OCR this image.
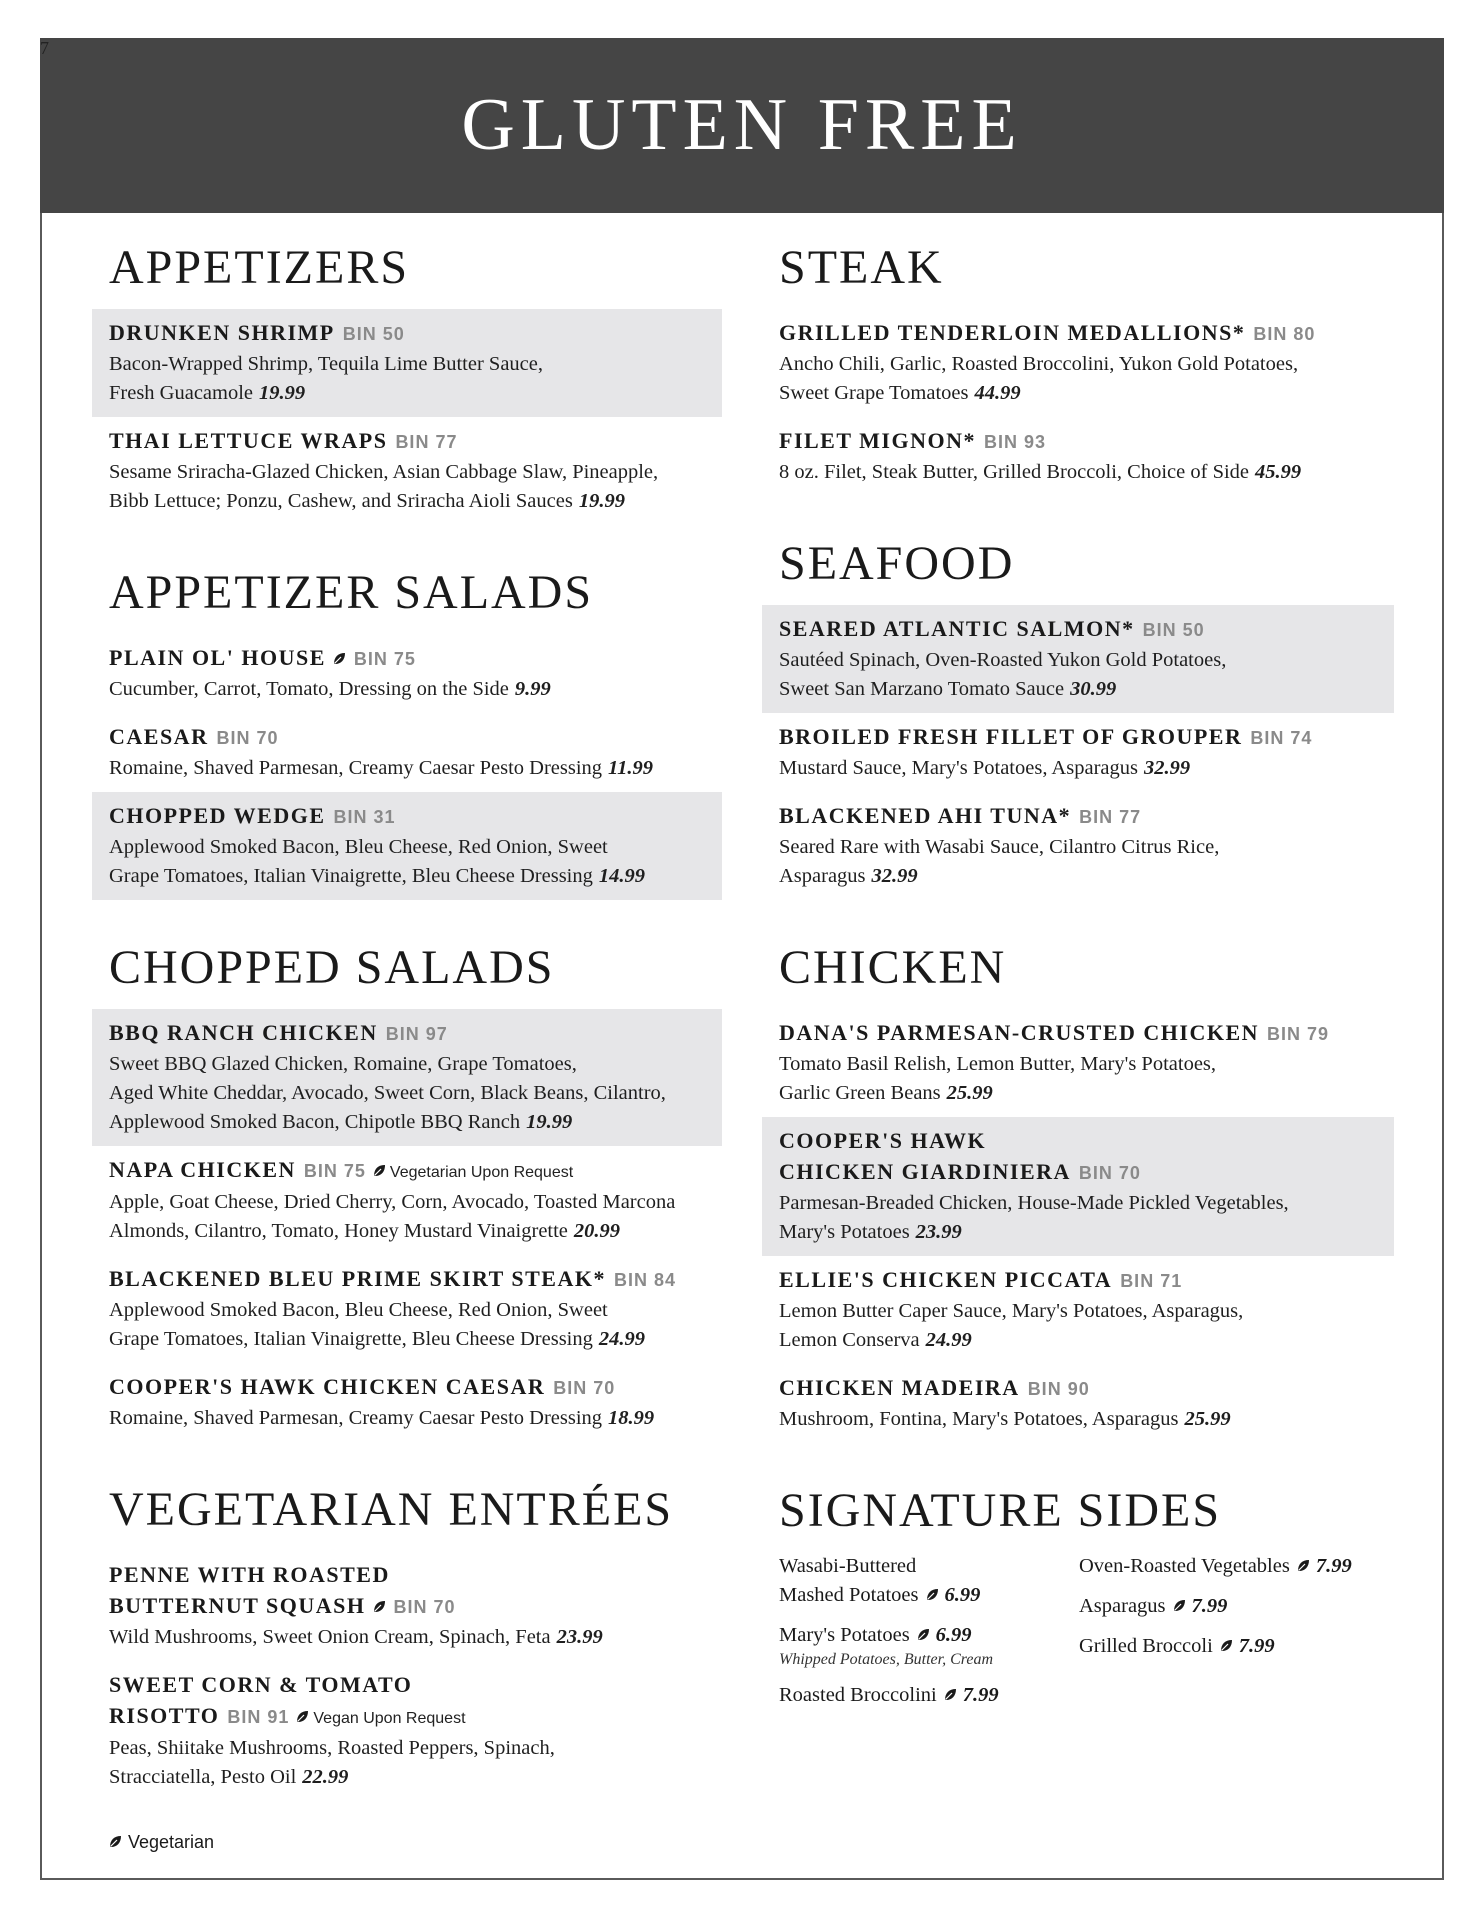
GLUTEN FREE
7
APPETIZERS
DRUNKEN SHRIMP BIN 50
Bacon-Wrapped Shrimp, Tequila Lime Butter Sauce,
Fresh Guacamole 19.99
THAI LETTUCE WRAPS BIN 77
Sesame Sriracha-Glazed Chicken, Asian Cabbage Slaw, Pineapple,
Bibb Lettuce; Ponzu, Cashew, and Sriracha Aioli Sauces 19.99
APPETIZER SALADS
PLAIN OL' HOUSE BIN 75
Cucumber, Carrot, Tomato, Dressing on the Side 9.99
CAESAR BIN 70
Romaine, Shaved Parmesan, Creamy Caesar Pesto Dressing 11.99
CHOPPED WEDGE BIN 31
Applewood Smoked Bacon, Bleu Cheese, Red Onion, Sweet
Grape Tomatoes, Italian Vinaigrette, Bleu Cheese Dressing 14.99
CHOPPED SALADS
BBQ RANCH CHICKEN BIN 97
Sweet BBQ Glazed Chicken, Romaine, Grape Tomatoes,
Aged White Cheddar, Avocado, Sweet Corn, Black Beans, Cilantro,
Applewood Smoked Bacon, Chipotle BBQ Ranch 19.99
NAPA CHICKEN BIN 75 Vegetarian Upon Request
Apple, Goat Cheese, Dried Cherry, Corn, Avocado, Toasted Marcona
Almonds, Cilantro, Tomato, Honey Mustard Vinaigrette 20.99
BLACKENED BLEU PRIME SKIRT STEAK* BIN 84
Applewood Smoked Bacon, Bleu Cheese, Red Onion, Sweet
Grape Tomatoes, Italian Vinaigrette, Bleu Cheese Dressing 24.99
COOPER'S HAWK CHICKEN CAESAR BIN 70
Romaine, Shaved Parmesan, Creamy Caesar Pesto Dressing 18.99
VEGETARIAN ENTRÉES
PENNE WITH ROASTED
BUTTERNUT SQUASH BIN 70
Wild Mushrooms, Sweet Onion Cream, Spinach, Feta 23.99
SWEET CORN & TOMATO
RISOTTO BIN 91 Vegan Upon Request
Peas, Shiitake Mushrooms, Roasted Peppers, Spinach,
Stracciatella, Pesto Oil 22.99
STEAK
GRILLED TENDERLOIN MEDALLIONS* BIN 80
Ancho Chili, Garlic, Roasted Broccolini, Yukon Gold Potatoes,
Sweet Grape Tomatoes 44.99
FILET MIGNON* BIN 93
8 oz. Filet, Steak Butter, Grilled Broccoli, Choice of Side 45.99
SEAFOOD
SEARED ATLANTIC SALMON* BIN 50
Sautéed Spinach, Oven-Roasted Yukon Gold Potatoes,
Sweet San Marzano Tomato Sauce 30.99
BROILED FRESH FILLET OF GROUPER BIN 74
Mustard Sauce, Mary's Potatoes, Asparagus 32.99
BLACKENED AHI TUNA* BIN 77
Seared Rare with Wasabi Sauce, Cilantro Citrus Rice,
Asparagus 32.99
CHICKEN
DANA'S PARMESAN-CRUSTED CHICKEN BIN 79
Tomato Basil Relish, Lemon Butter, Mary's Potatoes,
Garlic Green Beans 25.99
COOPER'S HAWK
CHICKEN GIARDINIERA BIN 70
Parmesan-Breaded Chicken, House-Made Pickled Vegetables,
Mary's Potatoes 23.99
ELLIE'S CHICKEN PICCATA BIN 71
Lemon Butter Caper Sauce, Mary's Potatoes, Asparagus,
Lemon Conserva 24.99
CHICKEN MADEIRA BIN 90
Mushroom, Fontina, Mary's Potatoes, Asparagus 25.99
SIGNATURE SIDES
Wasabi-Buttered
Mashed Potatoes 6.99
Mary's Potatoes 6.99
Whipped Potatoes, Butter, Cream
Roasted Broccolini 7.99
Oven-Roasted Vegetables 7.99
Asparagus 7.99
Grilled Broccoli 7.99
Vegetarian
